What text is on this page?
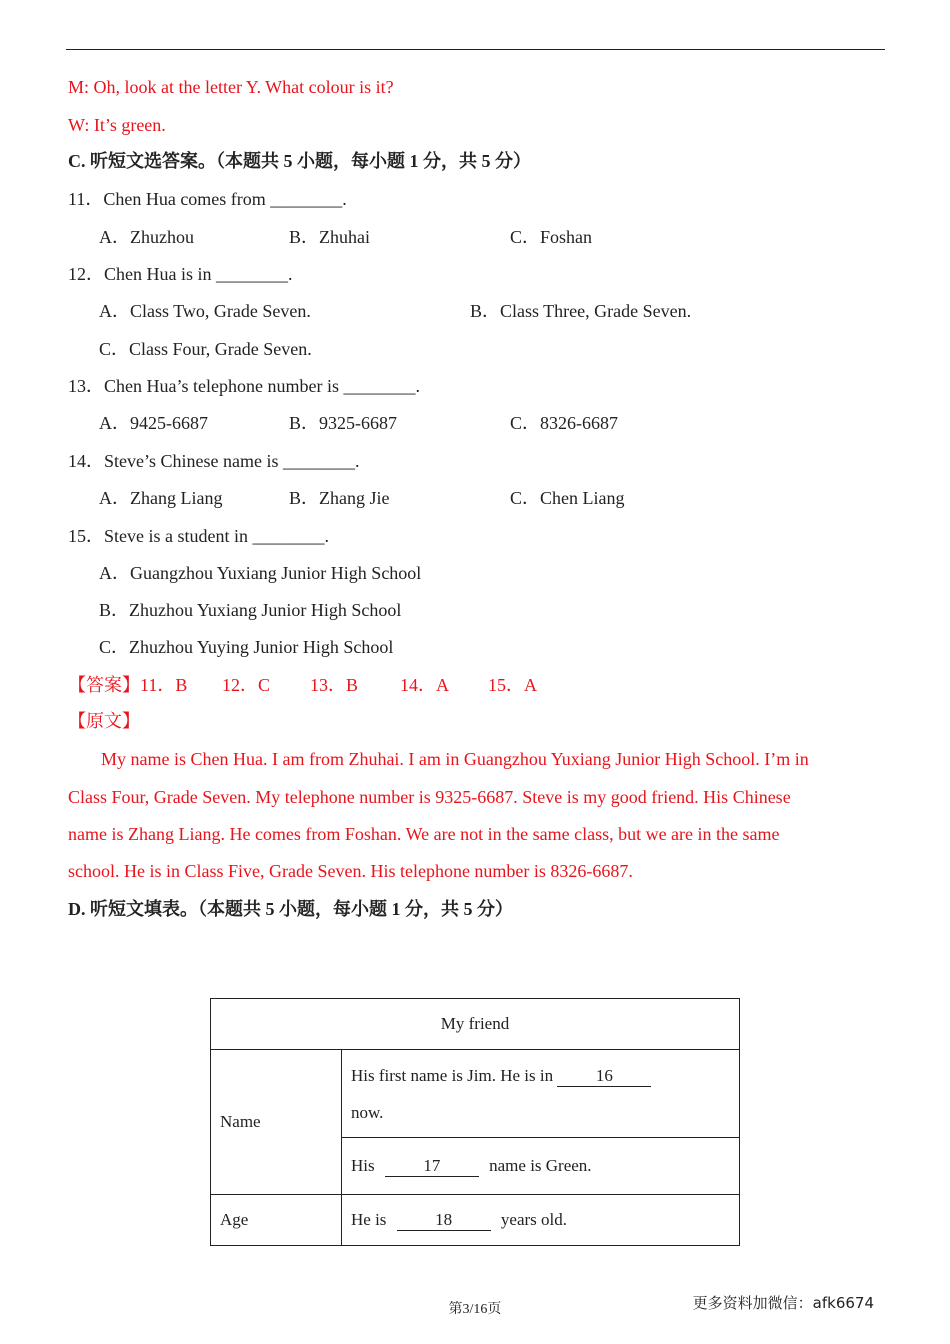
M: Oh, look at the letter Y. What colour is it?
W: It’s green.
C. 听短文选答案。（本题共 5 小题，每小题 1 分，共 5 分）
11．Chen Hua comes from ________.
A．Zhuzhou	B．Zhuhai	C．Foshan
12．Chen Hua is in ________.
A．Class Two, Grade Seven.	B．Class Three, Grade Seven.
C．Class Four, Grade Seven.
13．Chen Hua’s telephone number is ________.
A．9425-6687	B．9325-6687	C．8326-6687
14．Steve’s Chinese name is ________.
A．Zhang Liang	B．Zhang Jie	C．Chen Liang
15．Steve is a student in ________.
A．Guangzhou Yuxiang Junior High School
B．Zhuzhou Yuxiang Junior High School
C．Zhuzhou Yuying Junior High School
【答案】11．B 12．C 13．B 14．A 15．A
【原文】
My name is Chen Hua. I am from Zhuhai. I am in Guangzhou Yuxiang Junior High School. I’m in
Class Four, Grade Seven. My telephone number is 9325-6687. Steve is my good friend. His Chinese
name is Zhang Liang. He comes from Foshan. We are not in the same class, but we are in the same
school. He is in Class Five, Grade Seven. His telephone number is 8326-6687.
D. 听短文填表。（本题共 5 小题，每小题 1 分，共 5 分）
My friend	
Name	His first name is Jim. He is in 16
now.
	His 17 name is Green.
Age	He is 18 years old.
第3/16页	更多资料加微信：afk6674
